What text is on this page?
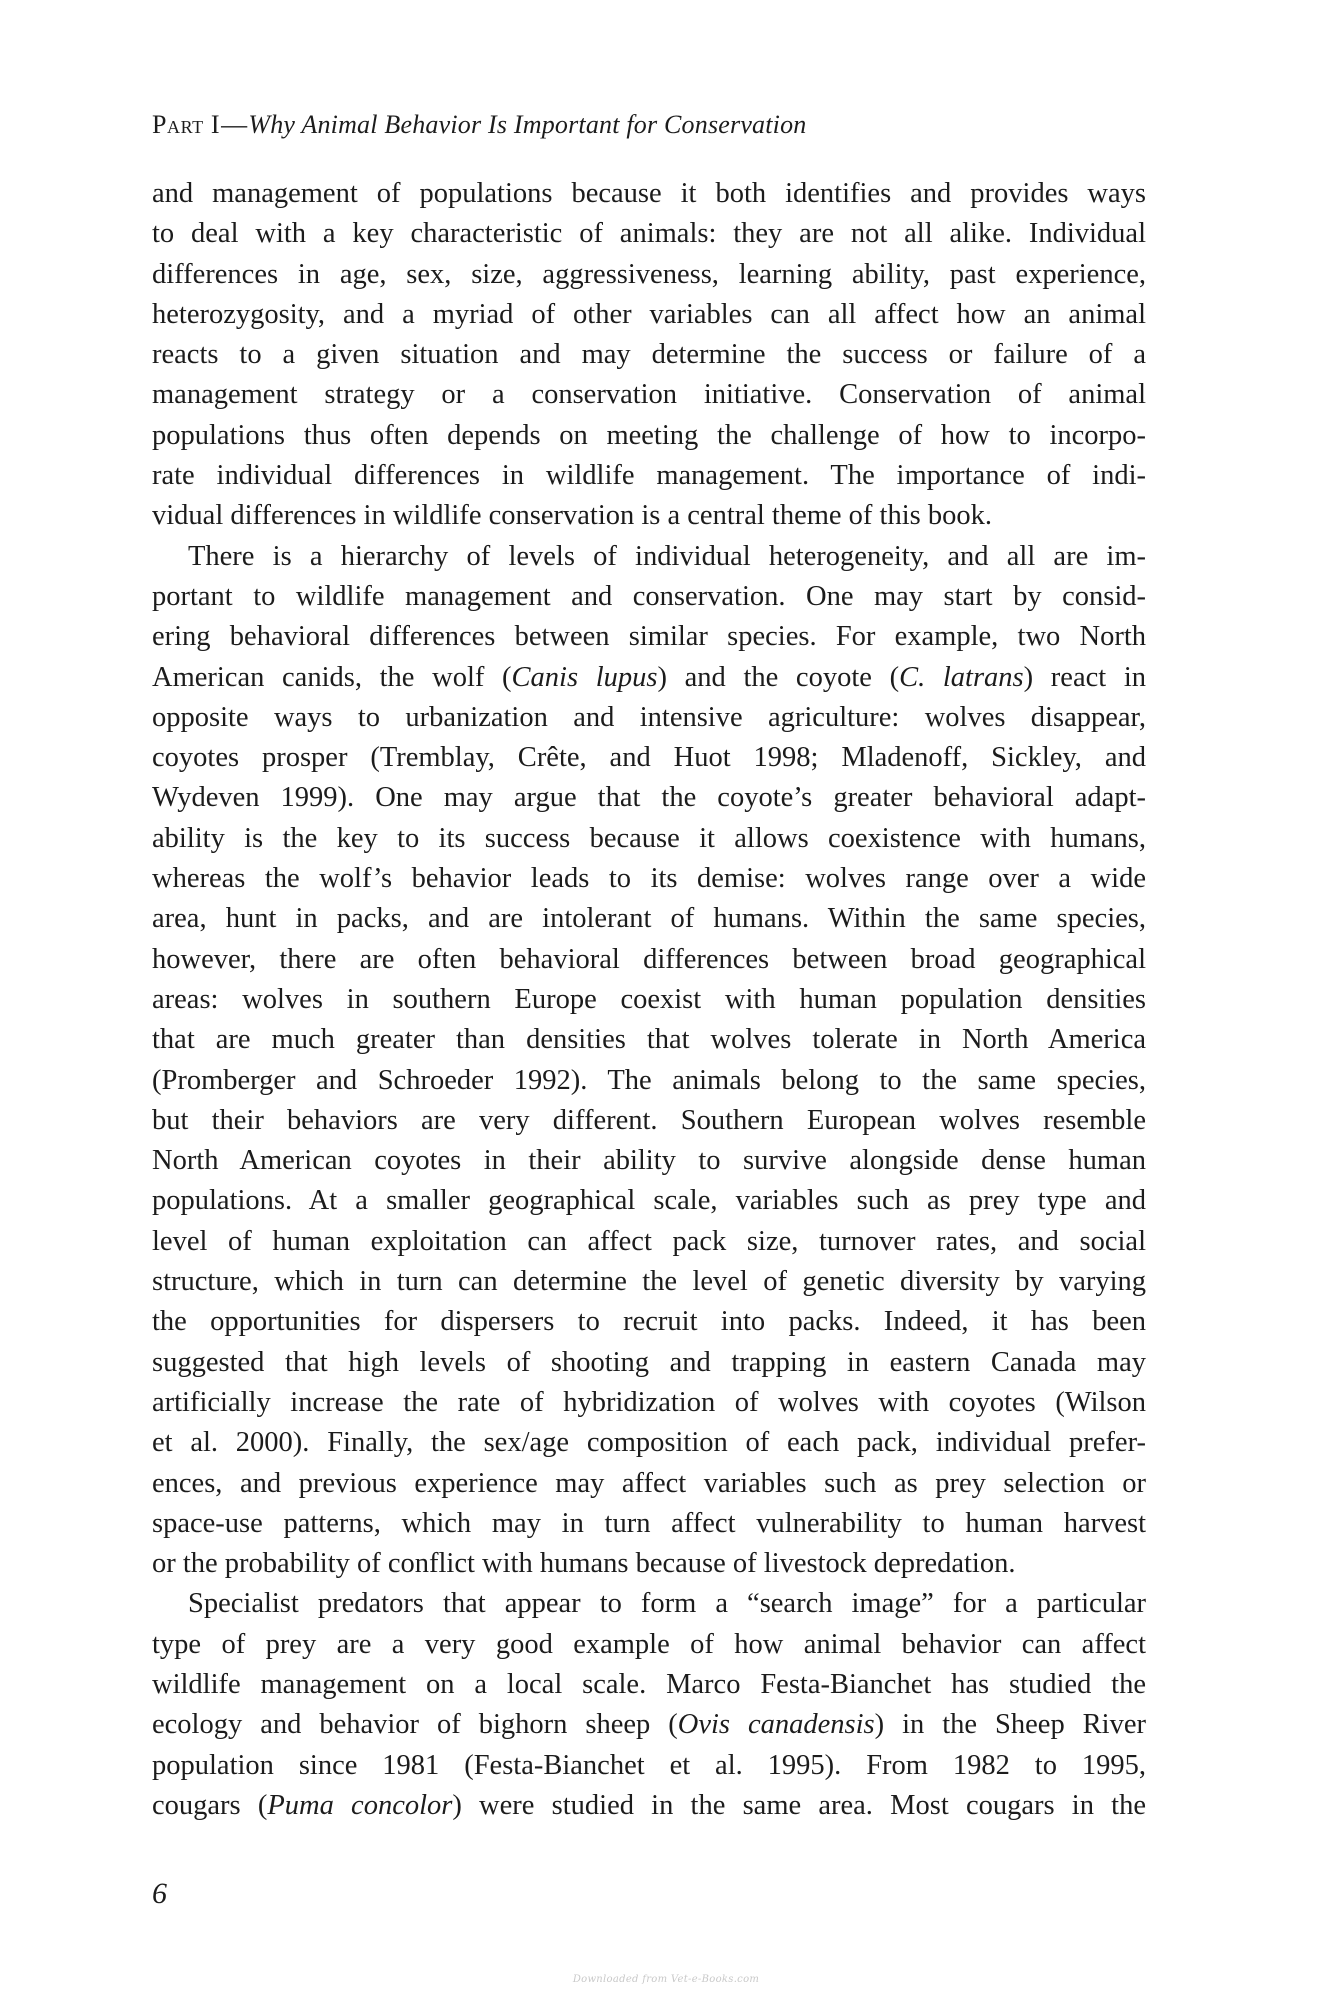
Part I—Why Animal Behavior Is Important for Conservation
and management of populations because it both identifies and provides ways
to deal with a key characteristic of animals: they are not all alike. Individual
differences in age, sex, size, aggressiveness, learning ability, past experience,
heterozygosity, and a myriad of other variables can all affect how an animal
reacts to a given situation and may determine the success or failure of a
management strategy or a conservation initiative. Conservation of animal
populations thus often depends on meeting the challenge of how to incorpo-
rate individual differences in wildlife management. The importance of indi-
vidual differences in wildlife conservation is a central theme of this book.
There is a hierarchy of levels of individual heterogeneity, and all are im-
portant to wildlife management and conservation. One may start by consid-
ering behavioral differences between similar species. For example, two North
American canids, the wolf (Canis lupus) and the coyote (C. latrans) react in
opposite ways to urbanization and intensive agriculture: wolves disappear,
coyotes prosper (Tremblay, Crête, and Huot 1998; Mladenoff, Sickley, and
Wydeven 1999). One may argue that the coyote’s greater behavioral adapt-
ability is the key to its success because it allows coexistence with humans,
whereas the wolf’s behavior leads to its demise: wolves range over a wide
area, hunt in packs, and are intolerant of humans. Within the same species,
however, there are often behavioral differences between broad geographical
areas: wolves in southern Europe coexist with human population densities
that are much greater than densities that wolves tolerate in North America
(Promberger and Schroeder 1992). The animals belong to the same species,
but their behaviors are very different. Southern European wolves resemble
North American coyotes in their ability to survive alongside dense human
populations. At a smaller geographical scale, variables such as prey type and
level of human exploitation can affect pack size, turnover rates, and social
structure, which in turn can determine the level of genetic diversity by varying
the opportunities for dispersers to recruit into packs. Indeed, it has been
suggested that high levels of shooting and trapping in eastern Canada may
artificially increase the rate of hybridization of wolves with coyotes (Wilson
et al. 2000). Finally, the sex/age composition of each pack, individual prefer-
ences, and previous experience may affect variables such as prey selection or
space-use patterns, which may in turn affect vulnerability to human harvest
or the probability of conflict with humans because of livestock depredation.
Specialist predators that appear to form a “search image” for a particular
type of prey are a very good example of how animal behavior can affect
wildlife management on a local scale. Marco Festa-Bianchet has studied the
ecology and behavior of bighorn sheep (Ovis canadensis) in the Sheep River
population since 1981 (Festa-Bianchet et al. 1995). From 1982 to 1995,
cougars (Puma concolor) were studied in the same area. Most cougars in the
6
Downloaded from Vet-e-Books.com
